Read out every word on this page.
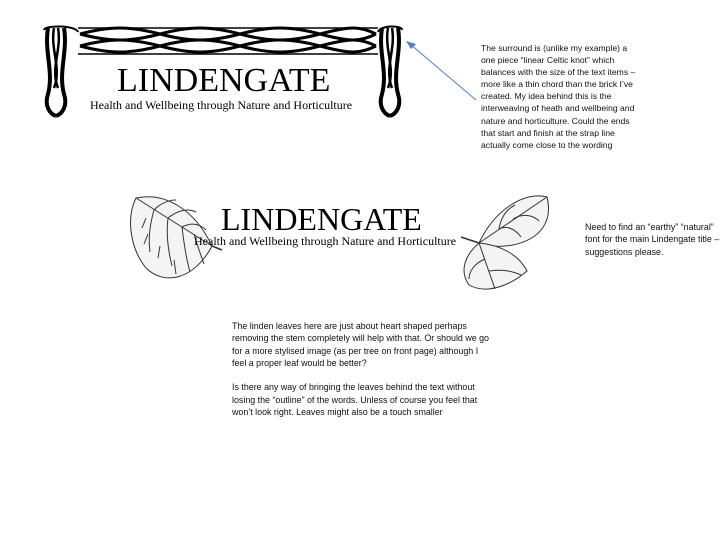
LINDENGATE
Health and Wellbeing through Nature and Horticulture
The surround is (unlike my example) a one piece “linear Celtic knot” which balances with the size of the text items – more like a thin chord than the brick I’ve created. My idea behind this is the interweaving of heath and wellbeing and nature and horticulture. Could the ends that start and finish at the strap line actually come close to the wording
LINDENGATE
Health and Wellbeing through Nature and Horticulture
Need to find an “earthy” “natural” font for the main Lindengate title – suggestions please.
The linden leaves here are just about heart shaped perhaps removing the stem completely will help with that. Or should we go for a more stylised image (as per tree on front page) although I feel a proper leaf would be better?
Is there any way of bringing the leaves behind the text without losing the “outline” of the words. Unless of course you feel that won’t look right. Leaves might also be a touch smaller
